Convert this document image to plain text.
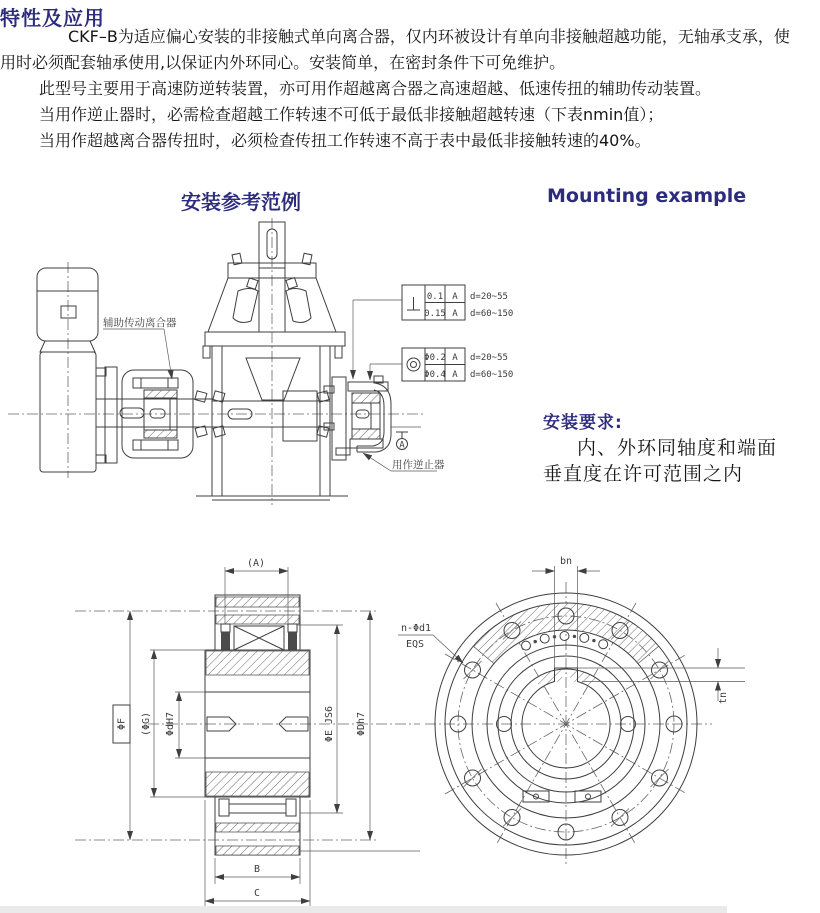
特性及应用
CKF–B为适应偏心安装的非接触式单向离合器，仅内环被设计有单向非接触超越功能，无轴承支承，使
用时必须配套轴承使用,以保证内外环同心。安装简单，在密封条件下可免维护。
此型号主要用于高速防逆转装置，亦可用作超越离合器之高速超越、低速传扭的辅助传动装置。
当用作逆止器时，必需检查超越工作转速不可低于最低非接触超越转速（下表nmin值）；
当用作超越离合器传扭时，必须检查传扭工作转速不高于表中最低非接触转速的40%。
安装参考范例	Mounting example
0.1 A d=20~55
0.15 A d=60~150
Φ0.2 A d=20~55
Φ0.4 A d=60~150
A
辅助传动离合器
用作逆止器
安装要求:
内、外环同轴度和端面
垂直度在许可范围之内
(A)
ΦF (ΦG) ΦdH7	ΦE JS6 ΦDh7
B
C
bn
tn
n-Φd1
EQS
